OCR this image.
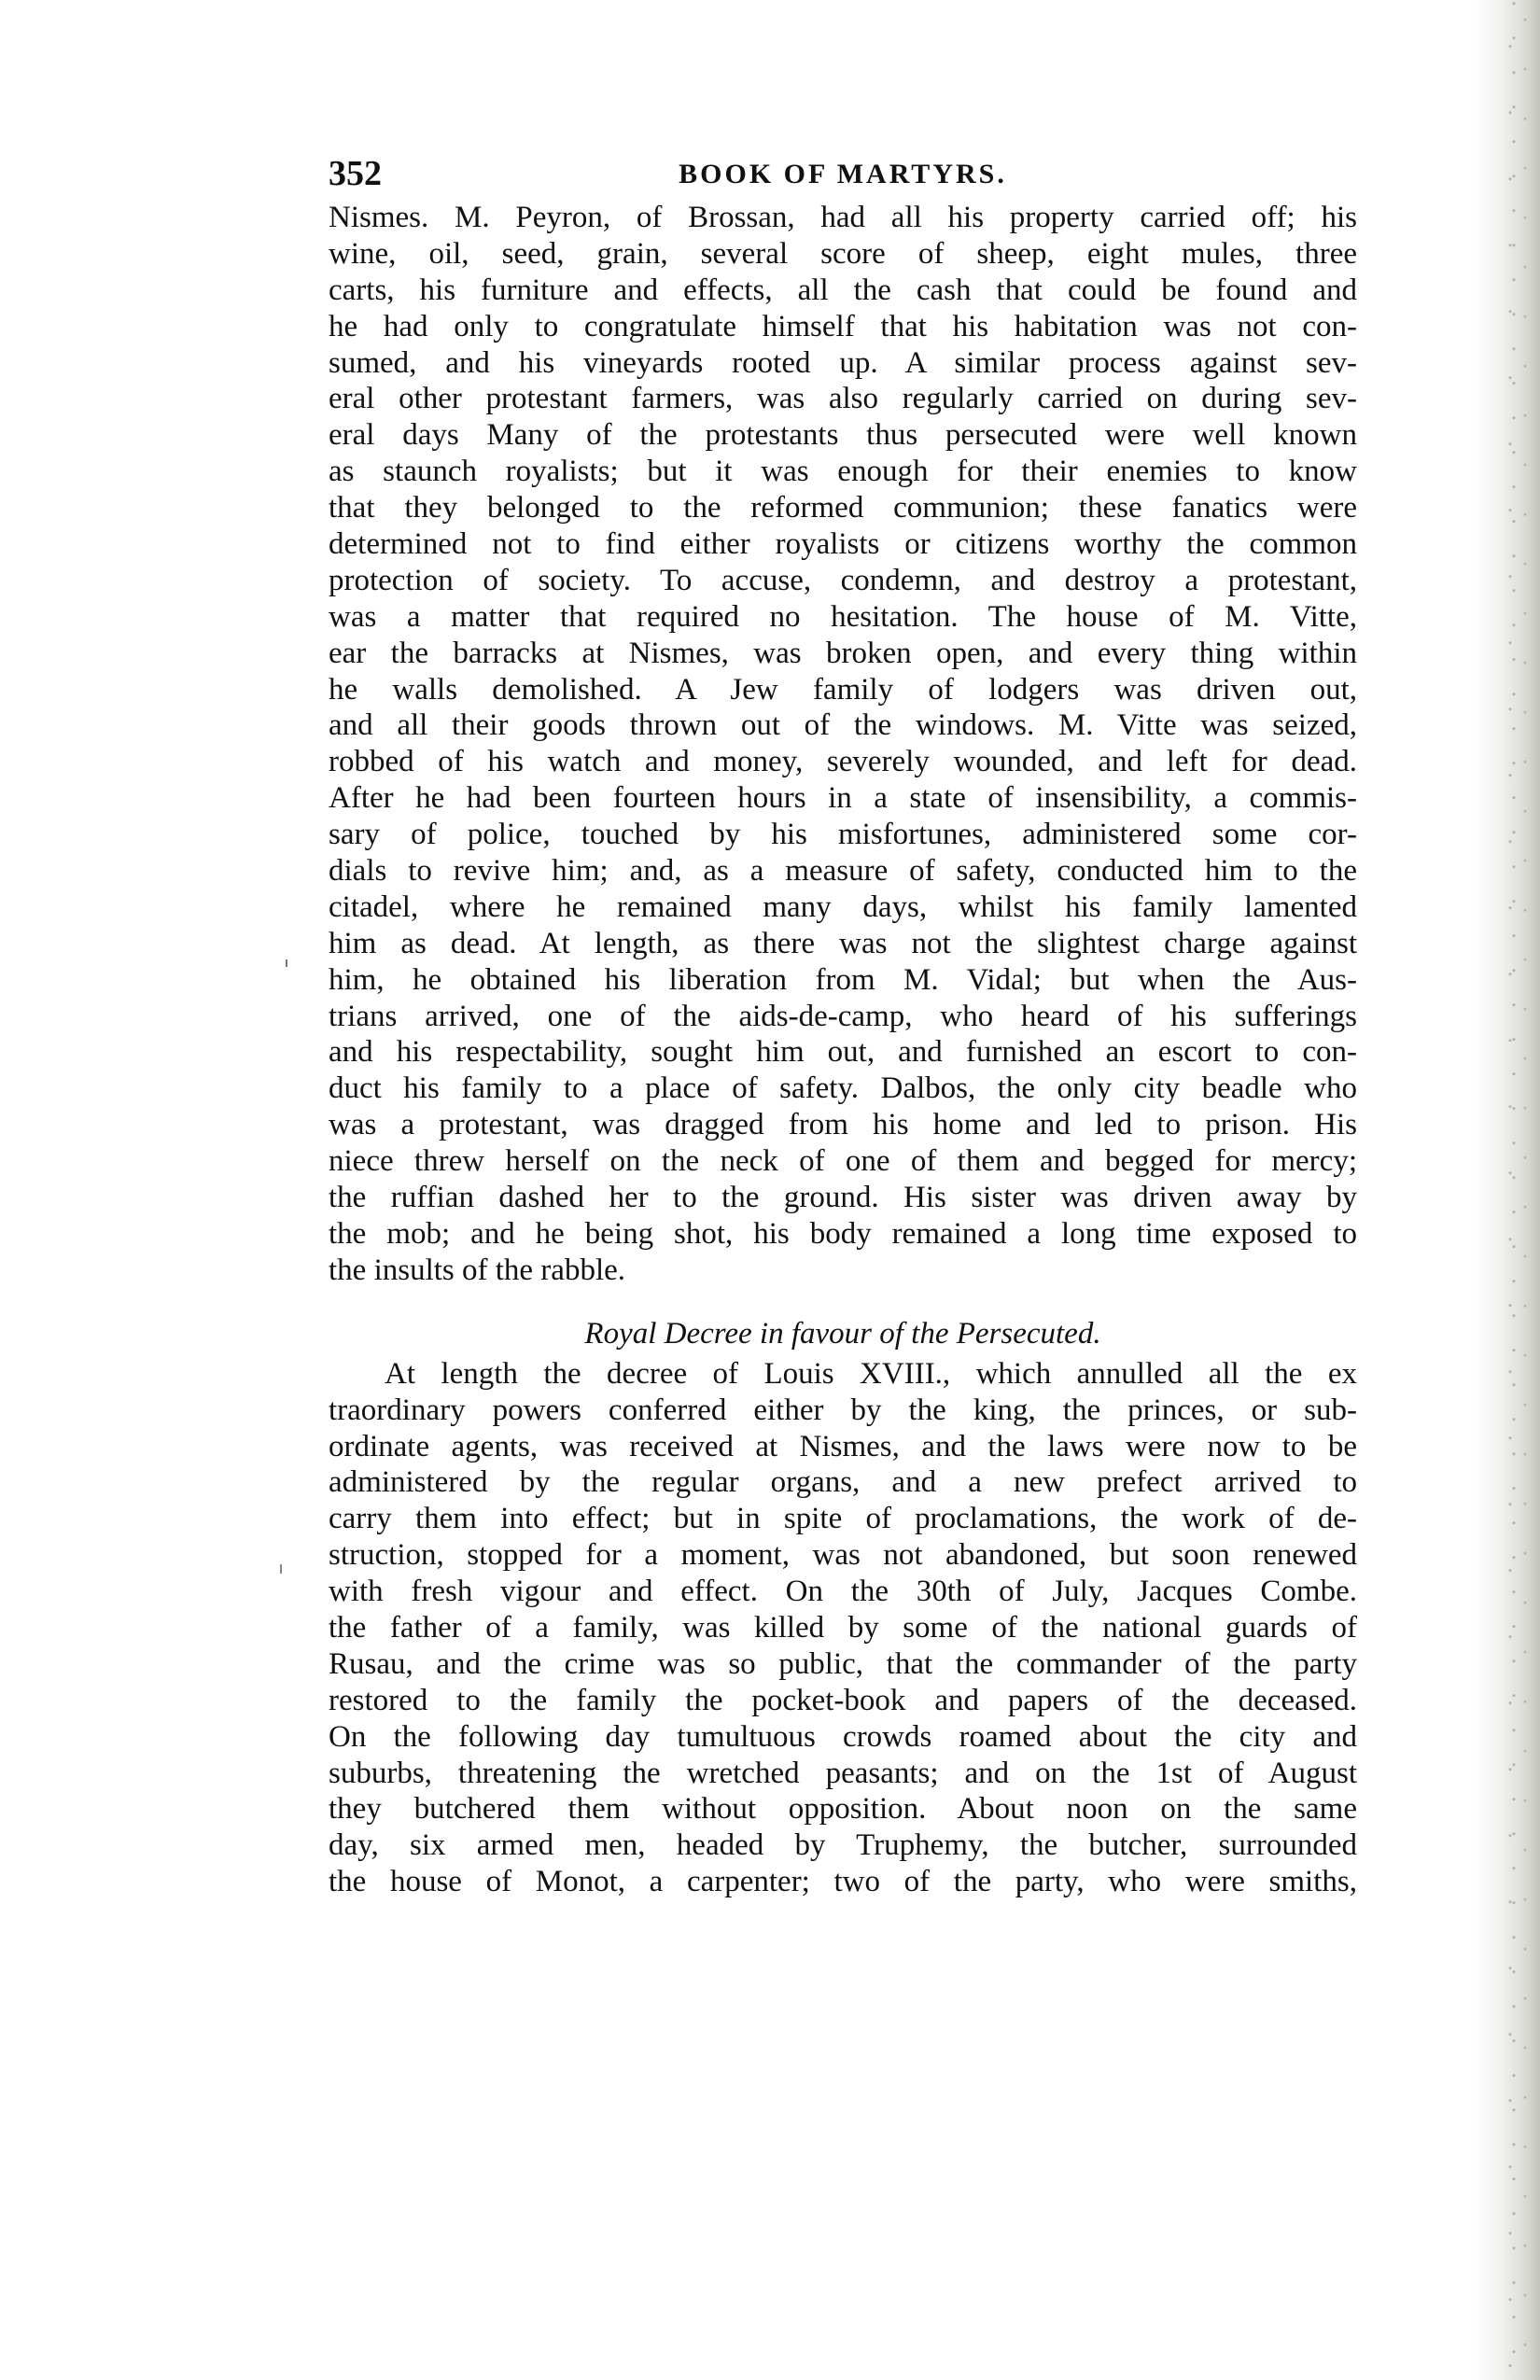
352	BOOK OF MARTYRS.
Nismes. M. Peyron, of Brossan, had all his property carried off; his
wine, oil, seed, grain, several score of sheep, eight mules, three
carts, his furniture and effects, all the cash that could be found and
he had only to congratulate himself that his habitation was not con-
sumed, and his vineyards rooted up. A similar process against sev-
eral other protestant farmers, was also regularly carried on during sev-
eral days Many of the protestants thus persecuted were well known
as staunch royalists; but it was enough for their enemies to know
that they belonged to the reformed communion; these fanatics were
determined not to find either royalists or citizens worthy the common
protection of society. To accuse, condemn, and destroy a protestant,
was a matter that required no hesitation. The house of M. Vitte,
ear the barracks at Nismes, was broken open, and every thing within
he walls demolished. A Jew family of lodgers was driven out,
and all their goods thrown out of the windows. M. Vitte was seized,
robbed of his watch and money, severely wounded, and left for dead.
After he had been fourteen hours in a state of insensibility, a commis-
sary of police, touched by his misfortunes, administered some cor-
dials to revive him; and, as a measure of safety, conducted him to the
citadel, where he remained many days, whilst his family lamented
him as dead. At length, as there was not the slightest charge against
him, he obtained his liberation from M. Vidal; but when the Aus-
trians arrived, one of the aids-de-camp, who heard of his sufferings
and his respectability, sought him out, and furnished an escort to con-
duct his family to a place of safety. Dalbos, the only city beadle who
was a protestant, was dragged from his home and led to prison. His
niece threw herself on the neck of one of them and begged for mercy;
the ruffian dashed her to the ground. His sister was driven away by
the mob; and he being shot, his body remained a long time exposed to
the insults of the rabble.
Royal Decree in favour of the Persecuted.
At length the decree of Louis XVIII., which annulled all the ex
traordinary powers conferred either by the king, the princes, or sub-
ordinate agents, was received at Nismes, and the laws were now to be
administered by the regular organs, and a new prefect arrived to
carry them into effect; but in spite of proclamations, the work of de-
struction, stopped for a moment, was not abandoned, but soon renewed
with fresh vigour and effect. On the 30th of July, Jacques Combe.
the father of a family, was killed by some of the national guards of
Rusau, and the crime was so public, that the commander of the party
restored to the family the pocket-book and papers of the deceased.
On the following day tumultuous crowds roamed about the city and
suburbs, threatening the wretched peasants; and on the 1st of August
they butchered them without opposition. About noon on the same
day, six armed men, headed by Truphemy, the butcher, surrounded
the house of Monot, a carpenter; two of the party, who were smiths,
